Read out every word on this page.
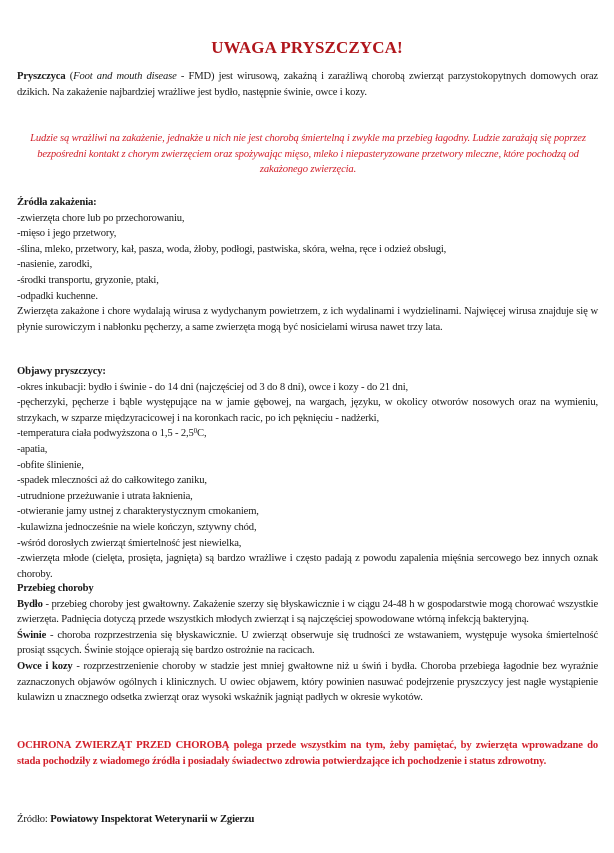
UWAGA PRYSZCZYCA!
Pryszczyca (Foot and mouth disease - FMD) jest wirusową, zakaźną i zaraźliwą chorobą zwierząt parzystokopytnych domowych oraz dzikich. Na zakażenie najbardziej wrażliwe jest bydło, następnie świnie, owce i kozy.
Ludzie są wrażliwi na zakażenie, jednakże u nich nie jest chorobą śmiertelną i zwykle ma przebieg łagodny. Ludzie zarażają się poprzez bezpośredni kontakt z chorym zwierzęciem oraz spożywając mięso, mleko i niepasteryzowane przetwory mleczne, które pochodzą od zakażonego zwierzęcia.
Źródła zakażenia:
-zwierzęta chore lub po przechorowaniu,
-mięso i jego przetwory,
-ślina, mleko, przetwory, kał, pasza, woda, żłoby, podłogi, pastwiska, skóra, wełna, ręce i odzież obsługi,
-nasienie, zarodki,
-środki transportu, gryzonie, ptaki,
-odpadki kuchenne.
Zwierzęta zakażone i chore wydalają wirusa z wydychanym powietrzem, z ich wydalinami i wydzielinami. Najwięcej wirusa znajduje się w płynie surowiczym i nabłonku pęcherzy, a same zwierzęta mogą być nosicielami wirusa nawet trzy lata.
Objawy pryszczycy:
-okres inkubacji: bydło i świnie - do 14 dni (najczęściej od 3 do 8 dni), owce i kozy - do 21 dni,
-pęcherzyki, pęcherze i bąble występujące na w jamie gębowej, na wargach, języku, w okolicy otworów nosowych oraz na wymieniu, strzykach, w szparze międzyracicowej i na koronkach racic, po ich pęknięciu - nadżerki,
-temperatura ciała podwyższona o $1,5 - 2,5^0C$,
-apatia,
-obfite ślinienie,
-spadek mleczności aż do całkowitego zaniku,
-utrudnione przeżuwanie i utrata łaknienia,
-otwieranie jamy ustnej z charakterystycznym cmokaniem,
-kulawizna jednocześnie na wiele kończyn, sztywny chód,
-wśród dorosłych zwierząt śmiertelność jest niewielka,
-zwierzęta młode (cielęta, prosięta, jagnięta) są bardzo wrażliwe i często padają z powodu zapalenia mięśnia sercowego bez innych oznak choroby.
Przebieg choroby
Bydło - przebieg choroby jest gwałtowny. Zakażenie szerzy się błyskawicznie i w ciągu 24-48 h w gospodarstwie mogą chorować wszystkie zwierzęta. Padnięcia dotyczą przede wszystkich młodych zwierząt i są najczęściej spowodowane wtórną infekcją bakteryjną.
Świnie - choroba rozprzestrzenia się błyskawicznie. U zwierząt obserwuje się trudności ze wstawaniem, występuje wysoka śmiertelność prosiąt ssących. Świnie stojące opierają się bardzo ostrożnie na racicach.
Owce i kozy - rozprzestrzenienie choroby w stadzie jest mniej gwałtowne niż u świń i bydła. Choroba przebiega łagodnie bez wyraźnie zaznaczonych objawów ogólnych i klinicznych. U owiec objawem, który powinien nasuwać podejrzenie pryszczycy jest nagłe wystąpienie kulawizn u znacznego odsetka zwierząt oraz wysoki wskaźnik jagniąt padłych w okresie wykotów.
OCHRONA ZWIERZĄT PRZED CHOROBĄ polega przede wszystkim na tym, żeby pamiętać, by zwierzęta wprowadzane do stada pochodziły z wiadomego źródła i posiadały świadectwo zdrowia potwierdzające ich pochodzenie i status zdrowotny.
Źródło: Powiatowy Inspektorat Weterynarii w Zgierzu
